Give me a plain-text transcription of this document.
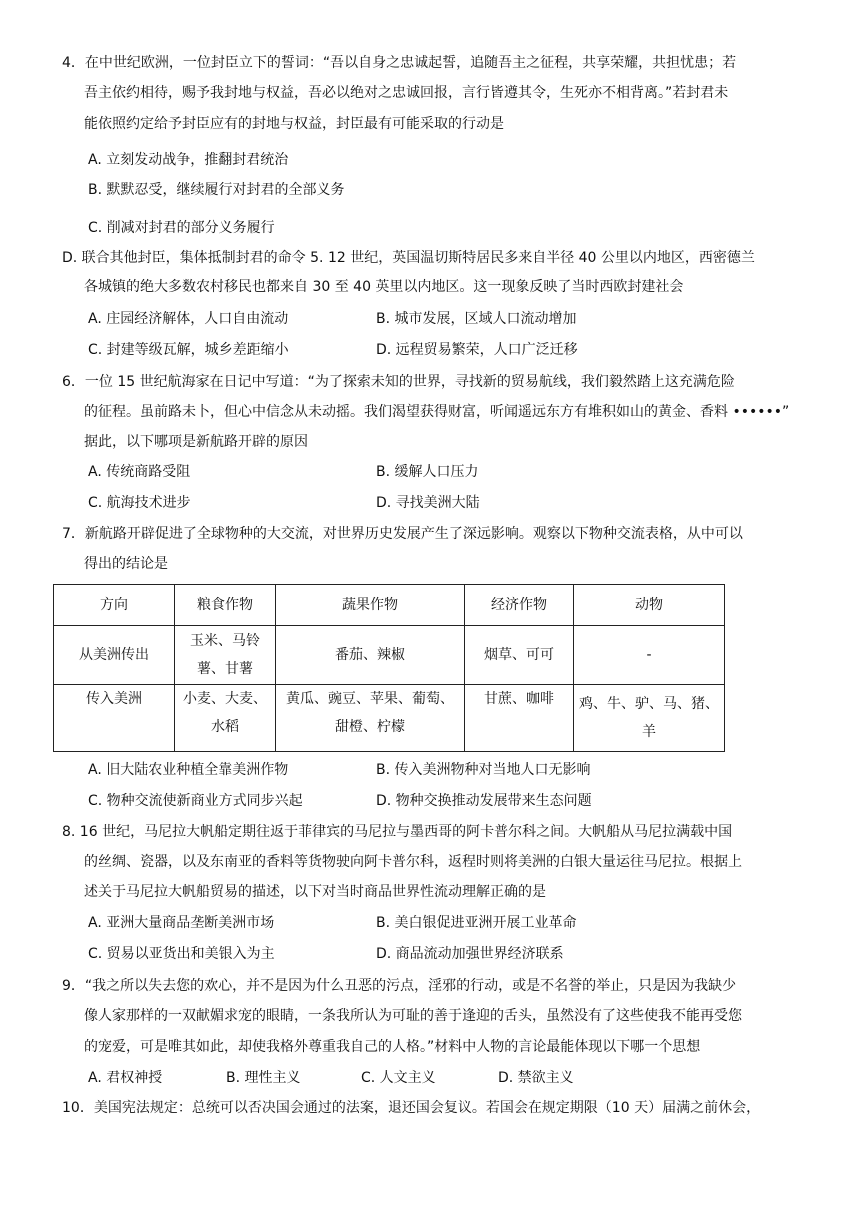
4．在中世纪欧洲，一位封臣立下的誓词：“吾以自身之忠诚起誓，追随吾主之征程，共享荣耀，共担忧患；若
吾主依约相待，赐予我封地与权益，吾必以绝对之忠诚回报，言行皆遵其令，生死亦不相背离。”若封君未
能依照约定给予封臣应有的封地与权益，封臣最有可能采取的行动是
A. 立刻发动战争，推翻封君统治
B. 默默忍受，继续履行对封君的全部义务
C. 削减对封君的部分义务履行
D. 联合其他封臣，集体抵制封君的命令 5. 12 世纪，英国温切斯特居民多来自半径 40 公里以内地区，西密德兰
各城镇的绝大多数农村移民也都来自 30 至 40 英里以内地区。这一现象反映了当时西欧封建社会
A. 庄园经济解体，人口自由流动	B. 城市发展，区域人口流动增加
C. 封建等级瓦解，城乡差距缩小	D. 远程贸易繁荣，人口广泛迁移
6．一位 15 世纪航海家在日记中写道：“为了探索未知的世界，寻找新的贸易航线，我们毅然踏上这充满危险
的征程。虽前路未卜，但心中信念从未动摇。我们渴望获得财富，听闻遥远东方有堆积如山的黄金、香料 ••••••”
据此，以下哪项是新航路开辟的原因
A. 传统商路受阻	B. 缓解人口压力
C. 航海技术进步	D. 寻找美洲大陆
7．新航路开辟促进了全球物种的大交流，对世界历史发展产生了深远影响。观察以下物种交流表格，从中可以
得出的结论是
方向	粮食作物	蔬果作物	经济作物	动物
从美洲传出	玉米、马铃薯、甘薯	番茄、辣椒	烟草、可可	-
传入美洲	小麦、大麦、水稻	黄瓜、豌豆、苹果、葡萄、甜橙、柠檬	甘蔗、咖啡	鸡、牛、驴、马、猪、羊
A. 旧大陆农业种植全靠美洲作物	B. 传入美洲物种对当地人口无影响
C. 物种交流使新商业方式同步兴起	D. 物种交换推动发展带来生态问题
8. 16 世纪，马尼拉大帆船定期往返于菲律宾的马尼拉与墨西哥的阿卡普尔科之间。大帆船从马尼拉满载中国
的丝绸、瓷器，以及东南亚的香料等货物驶向阿卡普尔科，返程时则将美洲的白银大量运往马尼拉。根据上
述关于马尼拉大帆船贸易的描述，以下对当时商品世界性流动理解正确的是
A. 亚洲大量商品垄断美洲市场	B. 美白银促进亚洲开展工业革命
C. 贸易以亚货出和美银入为主	D. 商品流动加强世界经济联系
9．“我之所以失去您的欢心，并不是因为什么丑恶的污点，淫邪的行动，或是不名誉的举止，只是因为我缺少
像人家那样的一双献媚求宠的眼睛，一条我所认为可耻的善于逢迎的舌头，虽然没有了这些使我不能再受您
的宠爱，可是唯其如此，却使我格外尊重我自己的人格。”材料中人物的言论最能体现以下哪一个思想
A. 君权神授	B. 理性主义	C. 人文主义	D. 禁欲主义
10．美国宪法规定：总统可以否决国会通过的法案，退还国会复议。若国会在规定期限（10 天）届满之前休会，
